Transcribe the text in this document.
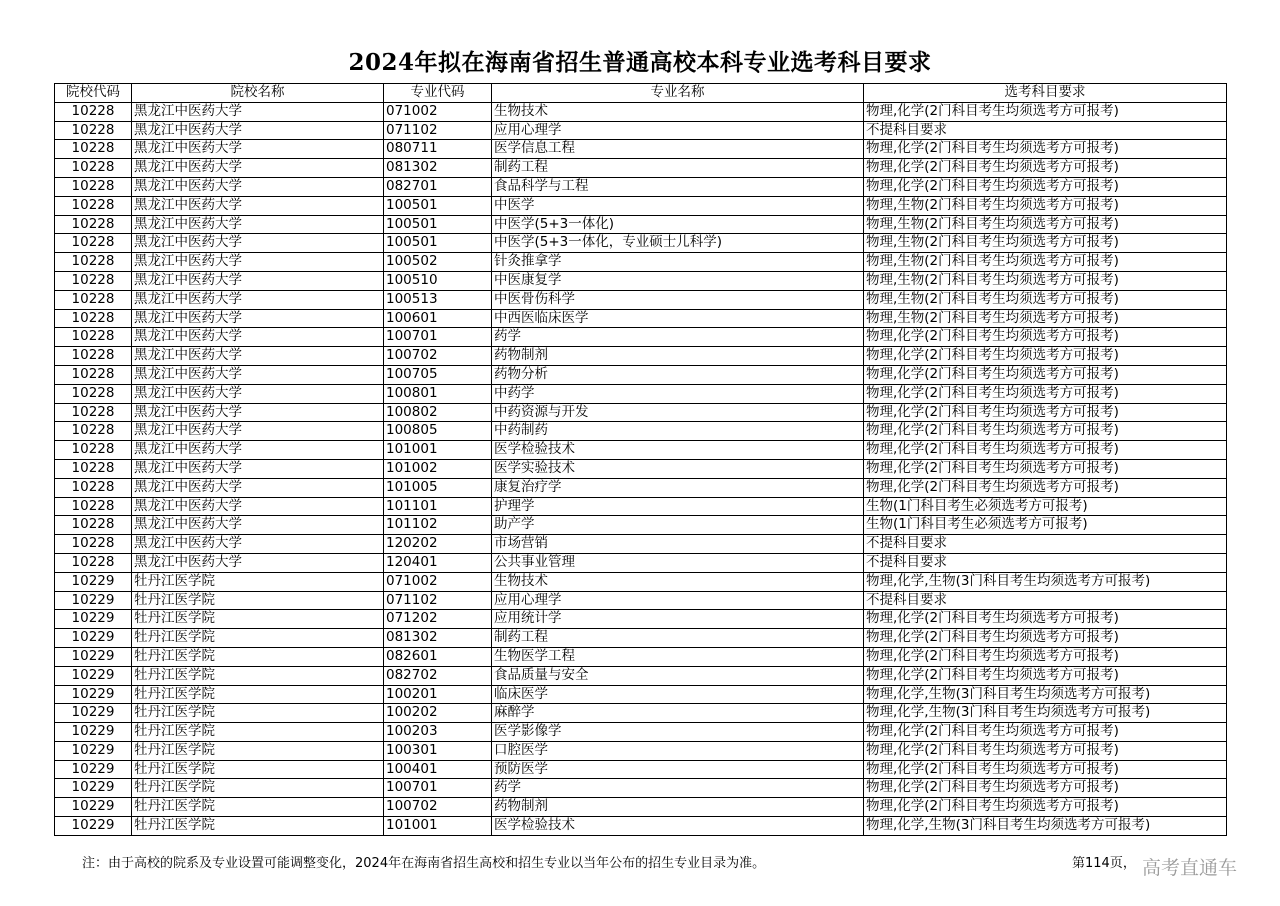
2024年拟在海南省招生普通高校本科专业选考科目要求
院校代码	院校名称	专业代码	专业名称	选考科目要求
10228	黑龙江中医药大学	071002	生物技术	物理,化学(2门科目考生均须选考方可报考)
10228	黑龙江中医药大学	071102	应用心理学	不提科目要求
10228	黑龙江中医药大学	080711	医学信息工程	物理,化学(2门科目考生均须选考方可报考)
10228	黑龙江中医药大学	081302	制药工程	物理,化学(2门科目考生均须选考方可报考)
10228	黑龙江中医药大学	082701	食品科学与工程	物理,化学(2门科目考生均须选考方可报考)
10228	黑龙江中医药大学	100501	中医学	物理,生物(2门科目考生均须选考方可报考)
10228	黑龙江中医药大学	100501	中医学(5+3一体化)	物理,生物(2门科目考生均须选考方可报考)
10228	黑龙江中医药大学	100501	中医学(5+3一体化，专业硕士儿科学)	物理,生物(2门科目考生均须选考方可报考)
10228	黑龙江中医药大学	100502	针灸推拿学	物理,生物(2门科目考生均须选考方可报考)
10228	黑龙江中医药大学	100510	中医康复学	物理,生物(2门科目考生均须选考方可报考)
10228	黑龙江中医药大学	100513	中医骨伤科学	物理,生物(2门科目考生均须选考方可报考)
10228	黑龙江中医药大学	100601	中西医临床医学	物理,生物(2门科目考生均须选考方可报考)
10228	黑龙江中医药大学	100701	药学	物理,化学(2门科目考生均须选考方可报考)
10228	黑龙江中医药大学	100702	药物制剂	物理,化学(2门科目考生均须选考方可报考)
10228	黑龙江中医药大学	100705	药物分析	物理,化学(2门科目考生均须选考方可报考)
10228	黑龙江中医药大学	100801	中药学	物理,化学(2门科目考生均须选考方可报考)
10228	黑龙江中医药大学	100802	中药资源与开发	物理,化学(2门科目考生均须选考方可报考)
10228	黑龙江中医药大学	100805	中药制药	物理,化学(2门科目考生均须选考方可报考)
10228	黑龙江中医药大学	101001	医学检验技术	物理,化学(2门科目考生均须选考方可报考)
10228	黑龙江中医药大学	101002	医学实验技术	物理,化学(2门科目考生均须选考方可报考)
10228	黑龙江中医药大学	101005	康复治疗学	物理,化学(2门科目考生均须选考方可报考)
10228	黑龙江中医药大学	101101	护理学	生物(1门科目考生必须选考方可报考)
10228	黑龙江中医药大学	101102	助产学	生物(1门科目考生必须选考方可报考)
10228	黑龙江中医药大学	120202	市场营销	不提科目要求
10228	黑龙江中医药大学	120401	公共事业管理	不提科目要求
10229	牡丹江医学院	071002	生物技术	物理,化学,生物(3门科目考生均须选考方可报考)
10229	牡丹江医学院	071102	应用心理学	不提科目要求
10229	牡丹江医学院	071202	应用统计学	物理,化学(2门科目考生均须选考方可报考)
10229	牡丹江医学院	081302	制药工程	物理,化学(2门科目考生均须选考方可报考)
10229	牡丹江医学院	082601	生物医学工程	物理,化学(2门科目考生均须选考方可报考)
10229	牡丹江医学院	082702	食品质量与安全	物理,化学(2门科目考生均须选考方可报考)
10229	牡丹江医学院	100201	临床医学	物理,化学,生物(3门科目考生均须选考方可报考)
10229	牡丹江医学院	100202	麻醉学	物理,化学,生物(3门科目考生均须选考方可报考)
10229	牡丹江医学院	100203	医学影像学	物理,化学(2门科目考生均须选考方可报考)
10229	牡丹江医学院	100301	口腔医学	物理,化学(2门科目考生均须选考方可报考)
10229	牡丹江医学院	100401	预防医学	物理,化学(2门科目考生均须选考方可报考)
10229	牡丹江医学院	100701	药学	物理,化学(2门科目考生均须选考方可报考)
10229	牡丹江医学院	100702	药物制剂	物理,化学(2门科目考生均须选考方可报考)
10229	牡丹江医学院	101001	医学检验技术	物理,化学,生物(3门科目考生均须选考方可报考)
注：由于高校的院系及专业设置可能调整变化，2024年在海南省招生高校和招生专业以当年公布的招生专业目录为准。	第114页， 高考直通车
